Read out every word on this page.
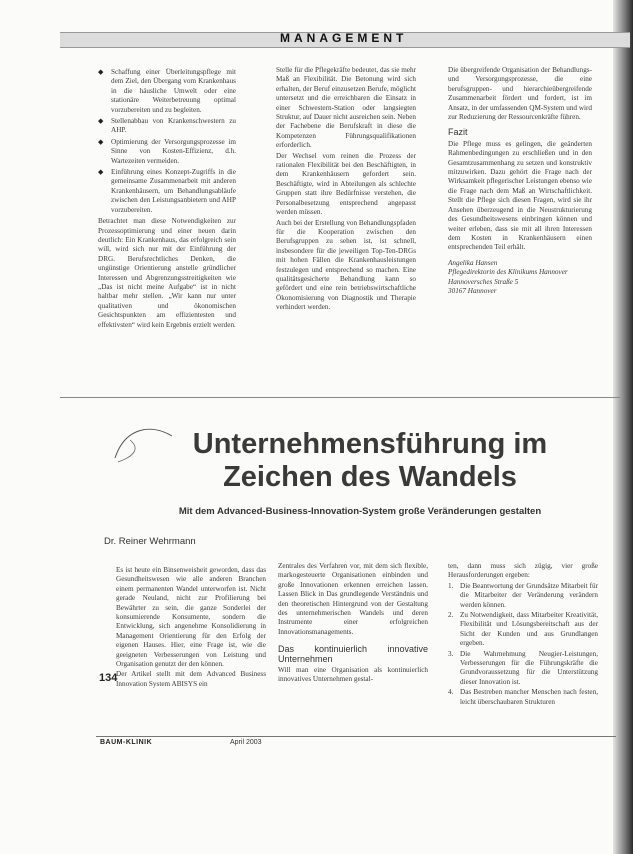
MANAGEMENT
◆ Schaffung einer Überleitungspflege mit dem Ziel, den Übergang vom Krankenhaus in die häusliche Umwelt oder eine stationäre Weiterbetreuung optimal vorzubereiten und zu begleiten.
◆ Stellenabbau von Krankenschwestern zu AHP.
◆ Optimierung der Versorgungsprozesse im Sinne von Kosten-Effizienz, d.h. Wartezeiten vermeiden.
◆ Einführung eines Konzept-Zugriffs in die gemeinsame Zusammenarbeit mit anderen Krankenhäusern, um Behandlungsabläufe zwischen den Leistungsanbietern und AHP vorzubereiten.

Betrachtet man diese Notwendigkeiten zur Prozessoptimierung und einer neuen darin deutlich: Ein Krankenhaus, das erfolgreich sein will, wird sich nur mit der Einführung der DRG. Berufsrechtliches Denken, die ungünstige Orientierung anstelle gründlicher Interessen und Abgrenzungsstreitigkeiten wie „Das ist nicht meine Aufgabe“ ist in nicht haltbar mehr stellen. „Wir kann nur unter qualitativen und ökonomischen Gesichtspunkten am effizientesten und effektivsten“ wird kein Ergebnis erzielt werden.

Stelle für die Pflegekräfte bedeutet, das sie mehr Maß an Flexibilität. Die Betonung wird sich erhalten, der Beruf einzusetzen Berufe, möglicht untersetzt und die erreichbaren die Einsatz in einer Schwestern-Station oder langsiegten Struktur, auf Dauer nicht ausreichen sein. Neben der Fachebene die Berufskraft in diese die Kompetenzen Führungsqualifikationen erforderlich.

Der Wechsel vom reinen die Prozess der rationalen Flexibilität bei den Beschäftigten, in dem Krankenhäusern gefordert sein. Beschäftigte, wird in Abteilungen als schlechte Gruppen statt ihre Bedürfnisse verstehen, die Personalbesetzung entsprechend angepasst werden müssen.

Auch bei der Erstellung von Behandlungspfaden für die Kooperation zwischen den Berufsgruppen zu sehen ist, ist schnell, insbesondere für die jeweiligen Top-Ten-DRGs mit hohen Fällen die Krankenhausleistungen festzulegen und entsprechend so machen. Eine qualitätsgesicherte Behandlung kann so gefördert und eine rein betriebswirtschaftliche Ökonomisierung von Diagnostik und Therapie verhindert werden.

Die übergreifende Organisation der Behandlungs- und Versorgungsprozesse, die eine berufsgruppen- und hierarchieübergreifende Zusammenarbeit fördert und fordert, ist im Ansatz, in der umfassenden QM-System und wird zur Reduzierung der Ressourcenkräfte führen.

Fazit

Die Pflege muss es gelingen, die geänderten Rahmenbedingungen zu erschließen und in den Gesamtzusammenhang zu setzen und konstruktiv mitzuwirken. Dazu gehört die Frage nach der Wirksamkeit pflegerischer Leistungen ebenso wie die Frage nach dem Maß an Wirtschaftlichkeit. Stellt die Pflege sich diesen Fragen, wird sie ihr Ansehen überzeugend in die Neustrukturierung des Gesundheitswesens einbringen können und weiter erleben, dass sie mit all ihren Interessen dem Kosten in Krankenhäusern einen entsprechenden Teil erhält.

Angelika Hansen
Pflegedirektorin des Klinikums Hannover
Hannoversches Straße 5
30167 Hannover
Unternehmensführung im
Zeichen des Wandels
Mit dem Advanced-Business-Innovation-System große Veränderungen gestalten
Dr. Reiner Wehrmann

Es ist heute ein Binsenweisheit geworden, dass das Gesundheitswesen wie alle anderen Branchen einem permanenten Wandel unterworfen ist. Nicht gerade Neuland, nicht zur Profilierung bei Bewährter zu sein, die ganze Sonderlei der konsumierende Konsumente, sondern die Entwicklung, sich angenehme Konsolidierung in Management Orientierung für den Erfolg der eigenen Hauses. Hier, eine Frage ist, wie die geeigneten Verbesserungen von Leistung und Organisation genutzt der den können.

Der Artikel stellt mit dem Advanced Business Innovation System ABISYS ein

Zentrales des Verfahren vor, mit dem sich flexible, markogesteuerte Organisationen einbinden und große Innovationen erkennen erreichen lassen. Lassen Blick in Das grundlegende Verständnis und den theoretischen Hintergrund von der Gestaltung des unternehmerischen Wandels und deren Instrumente einer erfolgreichen Innovationsmanagements.

Das kontinuierlich innovative Unternehmen

Will man eine Organisation als kontinuierlich innovatives Unternehmen gestal-

ten, dann muss sich zügig, vier große Herausforderungen ergeben:

1. Die Beantwortung der Grundsätze Mitarbeit für die Mitarbeiter der Veränderung verändern werden können.
2. Zu Notwendigkeit, dass Mitarbeiter Kreativität, Flexibilität und Lösungsbereitschaft aus der Sicht der Kunden und aus Grundlangen ergeben.
3. Die Wahrnehmung Neugier-Leistungen, Verbesserungen für die Führungskräfte die Grundvoraussetzung für die Unterstützung dieser Innovation ist.
4. Das Bestreben mancher Menschen nach festen, leicht überschaubaren Strukturen
134
BAUM-KLINIK	April 2003
